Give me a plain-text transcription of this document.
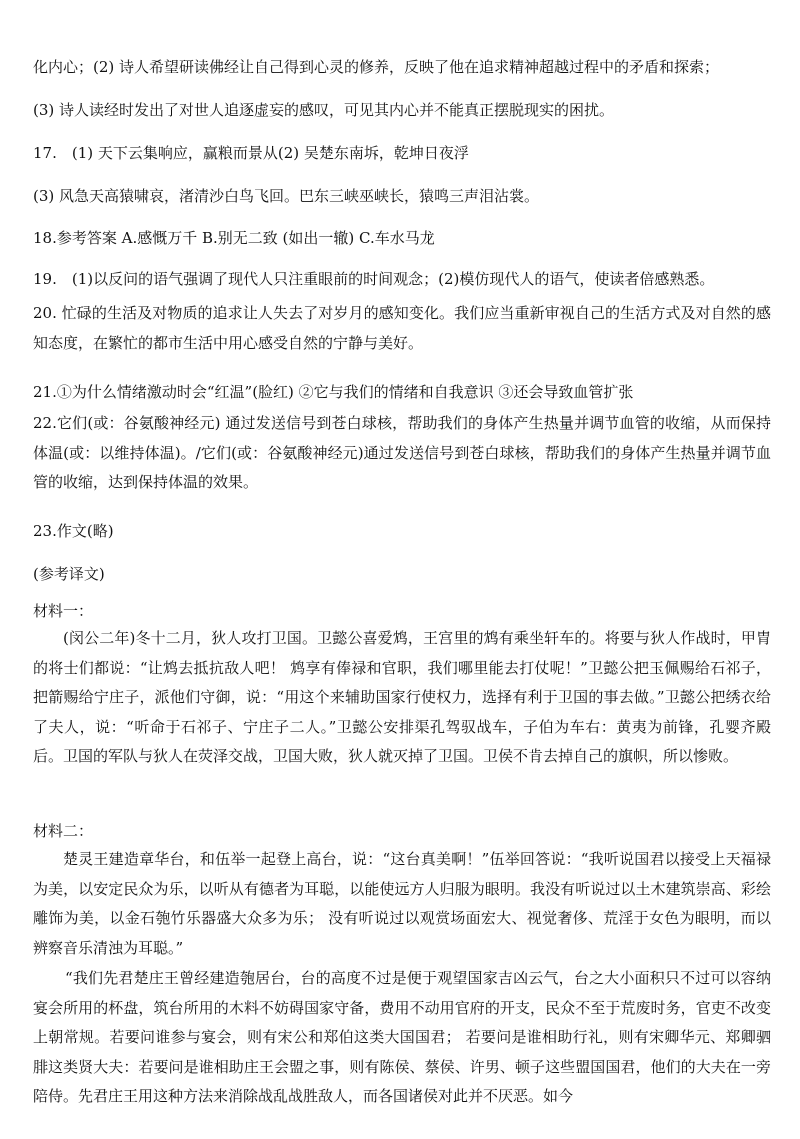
化内心；(2) 诗人希望研读佛经让自己得到心灵的修养，反映了他在追求精神超越过程中的矛盾和探索；
(3) 诗人读经时发出了对世人追逐虚妄的感叹，可见其内心并不能真正摆脱现实的困扰。
17.　(1) 天下云集响应，赢粮而景从(2) 吴楚东南坼，乾坤日夜浮
(3) 风急天高猿啸哀，渚清沙白鸟飞回。巴东三峡巫峡长，猿鸣三声泪沾裳。
18.参考答案 A.感慨万千 B.别无二致 (如出一辙) C.车水马龙
19.　(1)以反问的语气强调了现代人只注重眼前的时间观念；(2)模仿现代人的语气，使读者倍感熟悉。
20. 忙碌的生活及对物质的追求让人失去了对岁月的感知变化。我们应当重新审视自己的生活方式及对自然的感知态度，在繁忙的都市生活中用心感受自然的宁静与美好。
21.①为什么情绪激动时会“红温”(脸红) ②它与我们的情绪和自我意识 ③还会导致血管扩张
22.它们(或：谷氨酸神经元) 通过发送信号到苍白球核，帮助我们的身体产生热量并调节血管的收缩，从而保持体温(或：以维持体温)。/它们(或：谷氨酸神经元)通过发送信号到苍白球核，帮助我们的身体产生热量并调节血管的收缩，达到保持体温的效果。
23.作文(略)
(参考译文)
材料一：
(闵公二年)冬十二月，狄人攻打卫国。卫懿公喜爱鸩，王宫里的鸩有乘坐轩车的。将要与狄人作战时，甲胄的将士们都说：“让鸩去抵抗敌人吧！ 鸩享有俸禄和官职，我们哪里能去打仗呢！”卫懿公把玉佩赐给石祁子，把箭赐给宁庄子，派他们守御，说：“用这个来辅助国家行使权力，选择有利于卫国的事去做。”卫懿公把绣衣给了夫人，说：“听命于石祁子、宁庄子二人。”卫懿公安排渠孔驾驭战车，子伯为车右：黄夷为前锋，孔婴齐殿后。卫国的军队与狄人在荧泽交战，卫国大败，狄人就灭掉了卫国。卫侯不肯去掉自己的旗帜，所以惨败。
材料二：
楚灵王建造章华台，和伍举一起登上高台，说：“这台真美啊！”伍举回答说：“我听说国君以接受上天福禄为美，以安定民众为乐，以听从有德者为耳聪，以能使远方人归服为眼明。我没有听说过以土木建筑崇高、彩绘雕饰为美，以金石匏竹乐器盛大众多为乐； 没有听说过以观赏场面宏大、视觉奢侈、荒淫于女色为眼明，而以辨察音乐清浊为耳聪。”
“我们先君楚庄王曾经建造匏居台，台的高度不过是便于观望国家吉凶云气，台之大小面积只不过可以容纳宴会所用的杯盘，筑台所用的木料不妨碍国家守备，费用不动用官府的开支，民众不至于荒废时务，官吏不改变上朝常规。若要问谁参与宴会，则有宋公和郑伯这类大国国君； 若要问是谁相助行礼，则有宋卿华元、郑卿驷腓这类贤大夫：若要问是谁相助庄王会盟之事，则有陈侯、蔡侯、许男、顿子这些盟国国君，他们的大夫在一旁陪侍。先君庄王用这种方法来消除战乱战胜敌人，而各国诸侯对此并不厌恶。如今
